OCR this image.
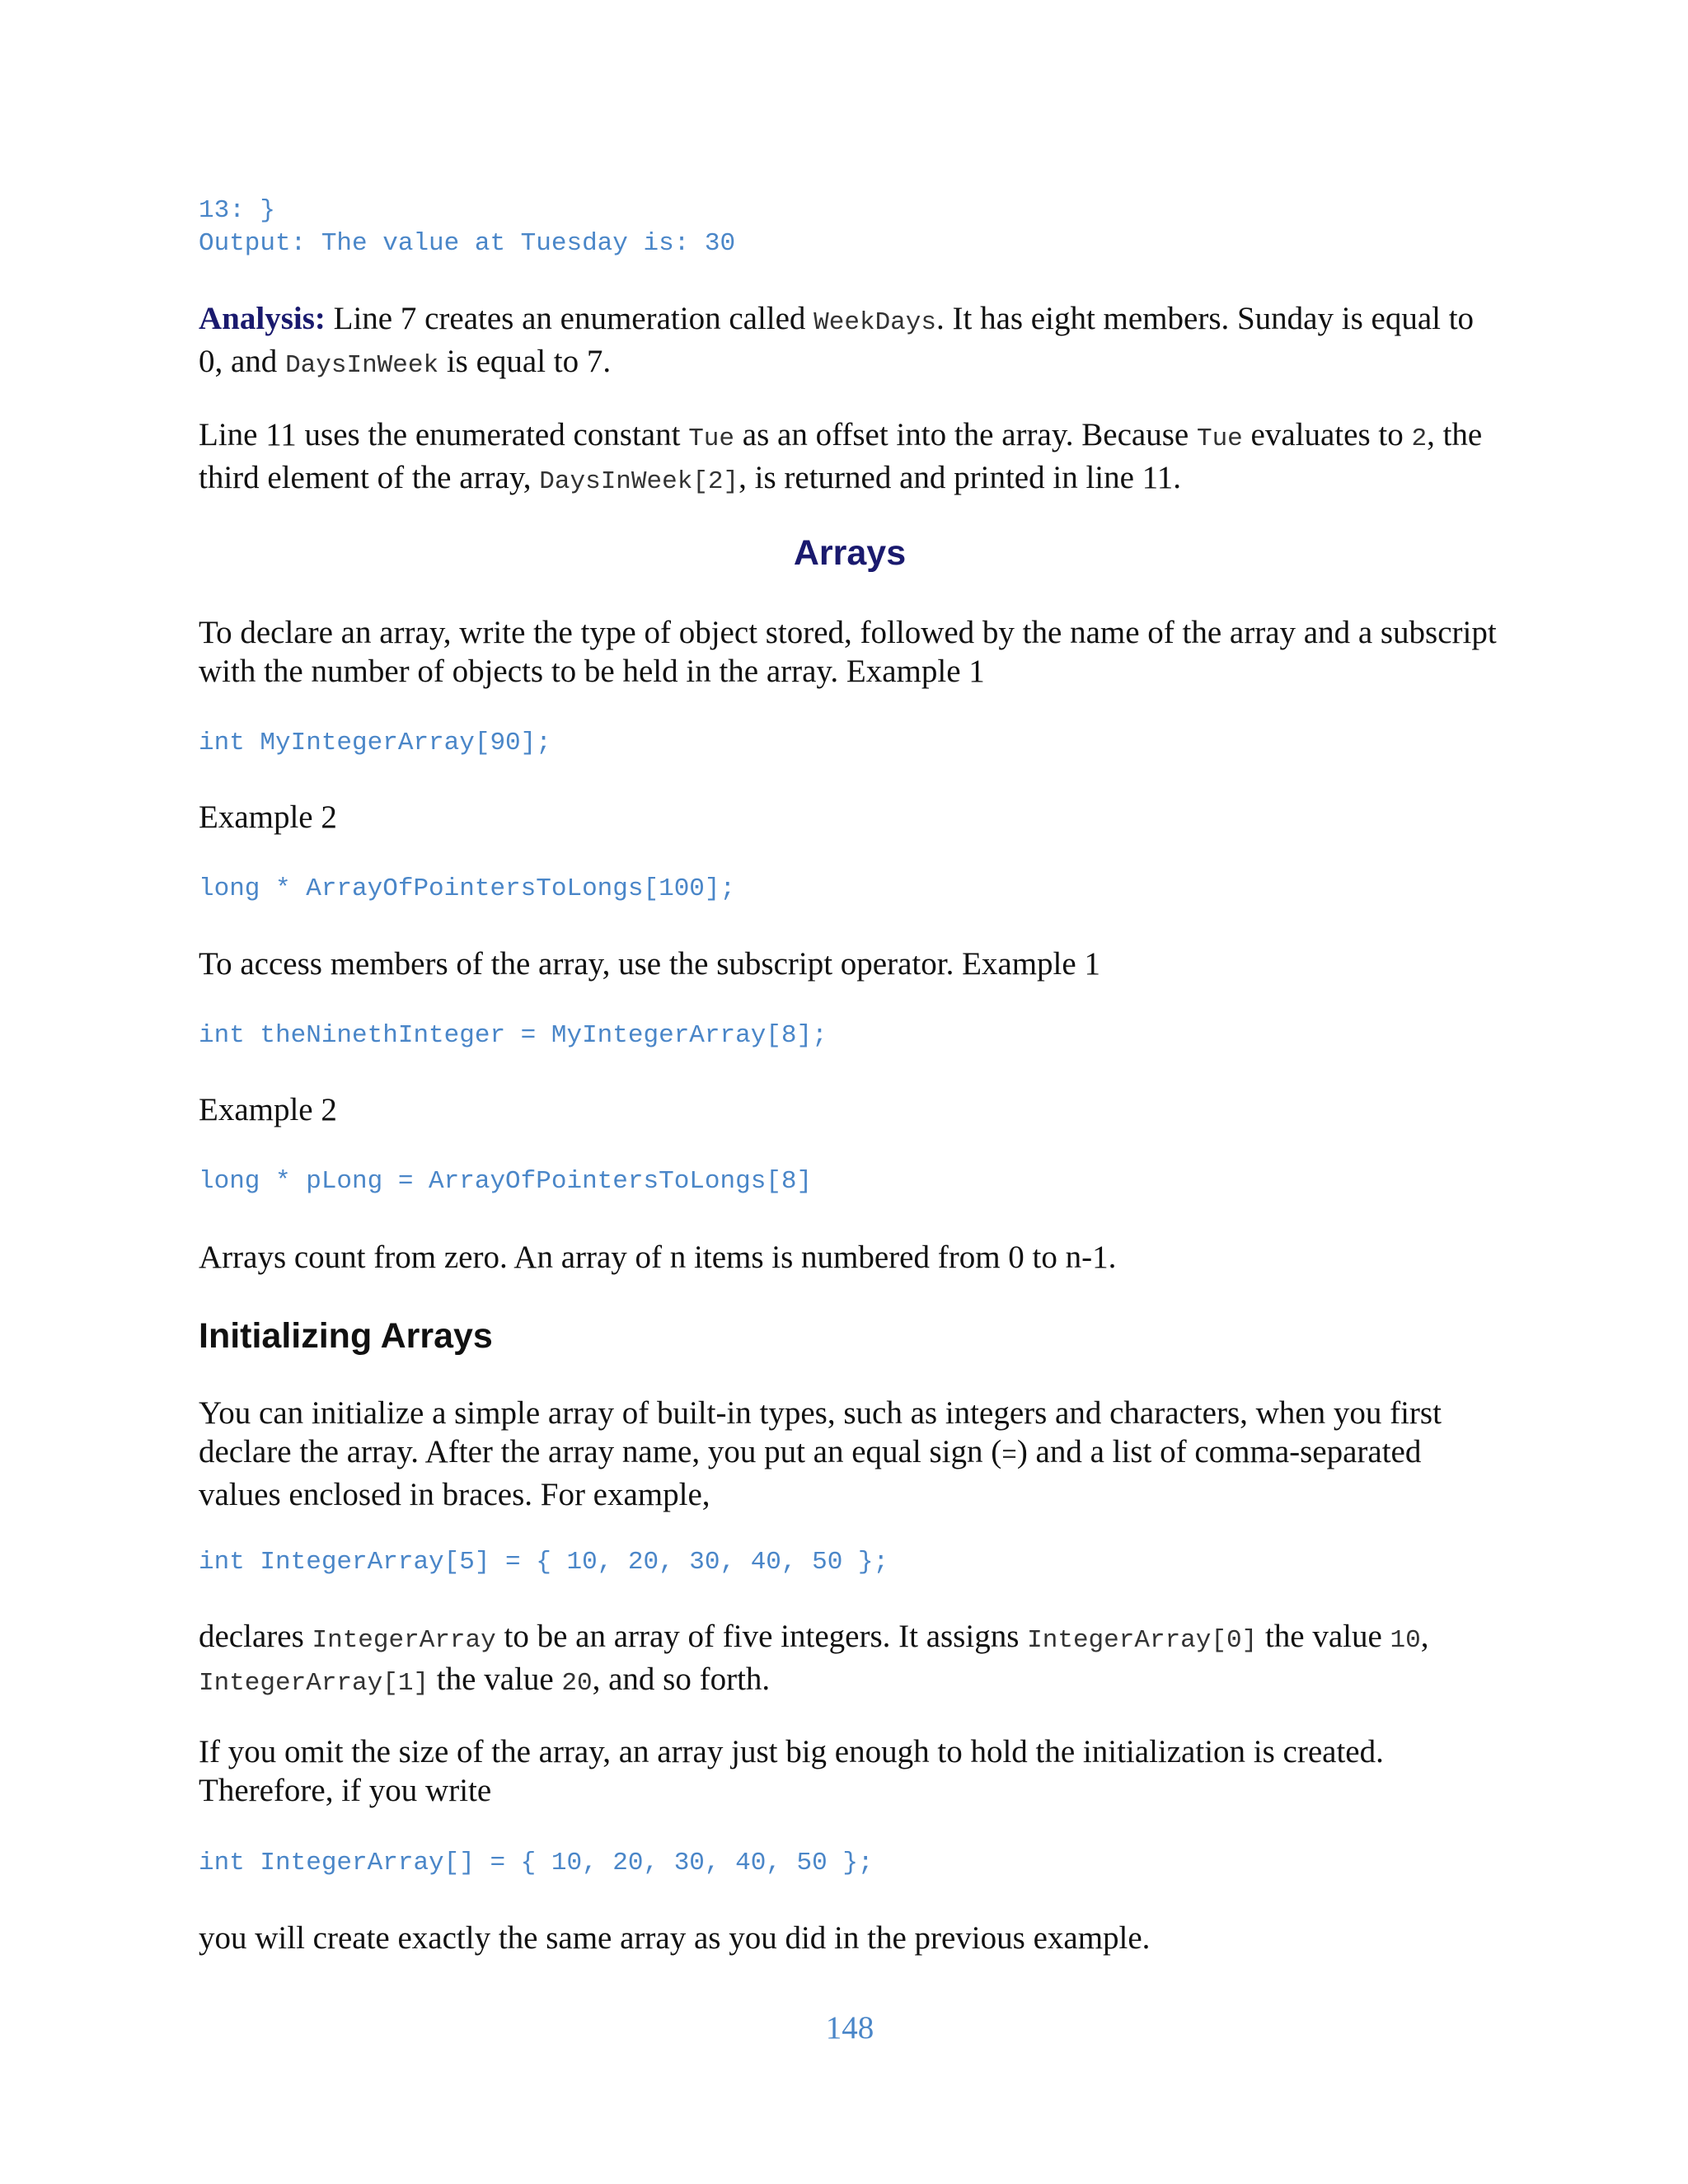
13: }
Output: The value at Tuesday is: 30

Analysis: Line 7 creates an enumeration called WeekDays. It has eight members. Sunday is equal to 0, and DaysInWeek is equal to 7.

Line 11 uses the enumerated constant Tue as an offset into the array. Because Tue evaluates to 2, the third element of the array, DaysInWeek[2], is returned and printed in line 11.

Arrays

To declare an array, write the type of object stored, followed by the name of the array and a subscript with the number of objects to be held in the array. Example 1

int MyIntegerArray[90];

Example 2

long * ArrayOfPointersToLongs[100];

To access members of the array, use the subscript operator. Example 1

int theNinethInteger = MyIntegerArray[8];

Example 2

long * pLong = ArrayOfPointersToLongs[8]

Arrays count from zero. An array of n items is numbered from 0 to n-1.

Initializing Arrays

You can initialize a simple array of built-in types, such as integers and characters, when you first declare the array. After the array name, you put an equal sign (=) and a list of comma-separated values enclosed in braces. For example,

int IntegerArray[5] = { 10, 20, 30, 40, 50 };

declares IntegerArray to be an array of five integers. It assigns IntegerArray[0] the value 10, IntegerArray[1] the value 20, and so forth.

If you omit the size of the array, an array just big enough to hold the initialization is created. Therefore, if you write

int IntegerArray[] = { 10, 20, 30, 40, 50 };

you will create exactly the same array as you did in the previous example.

148
